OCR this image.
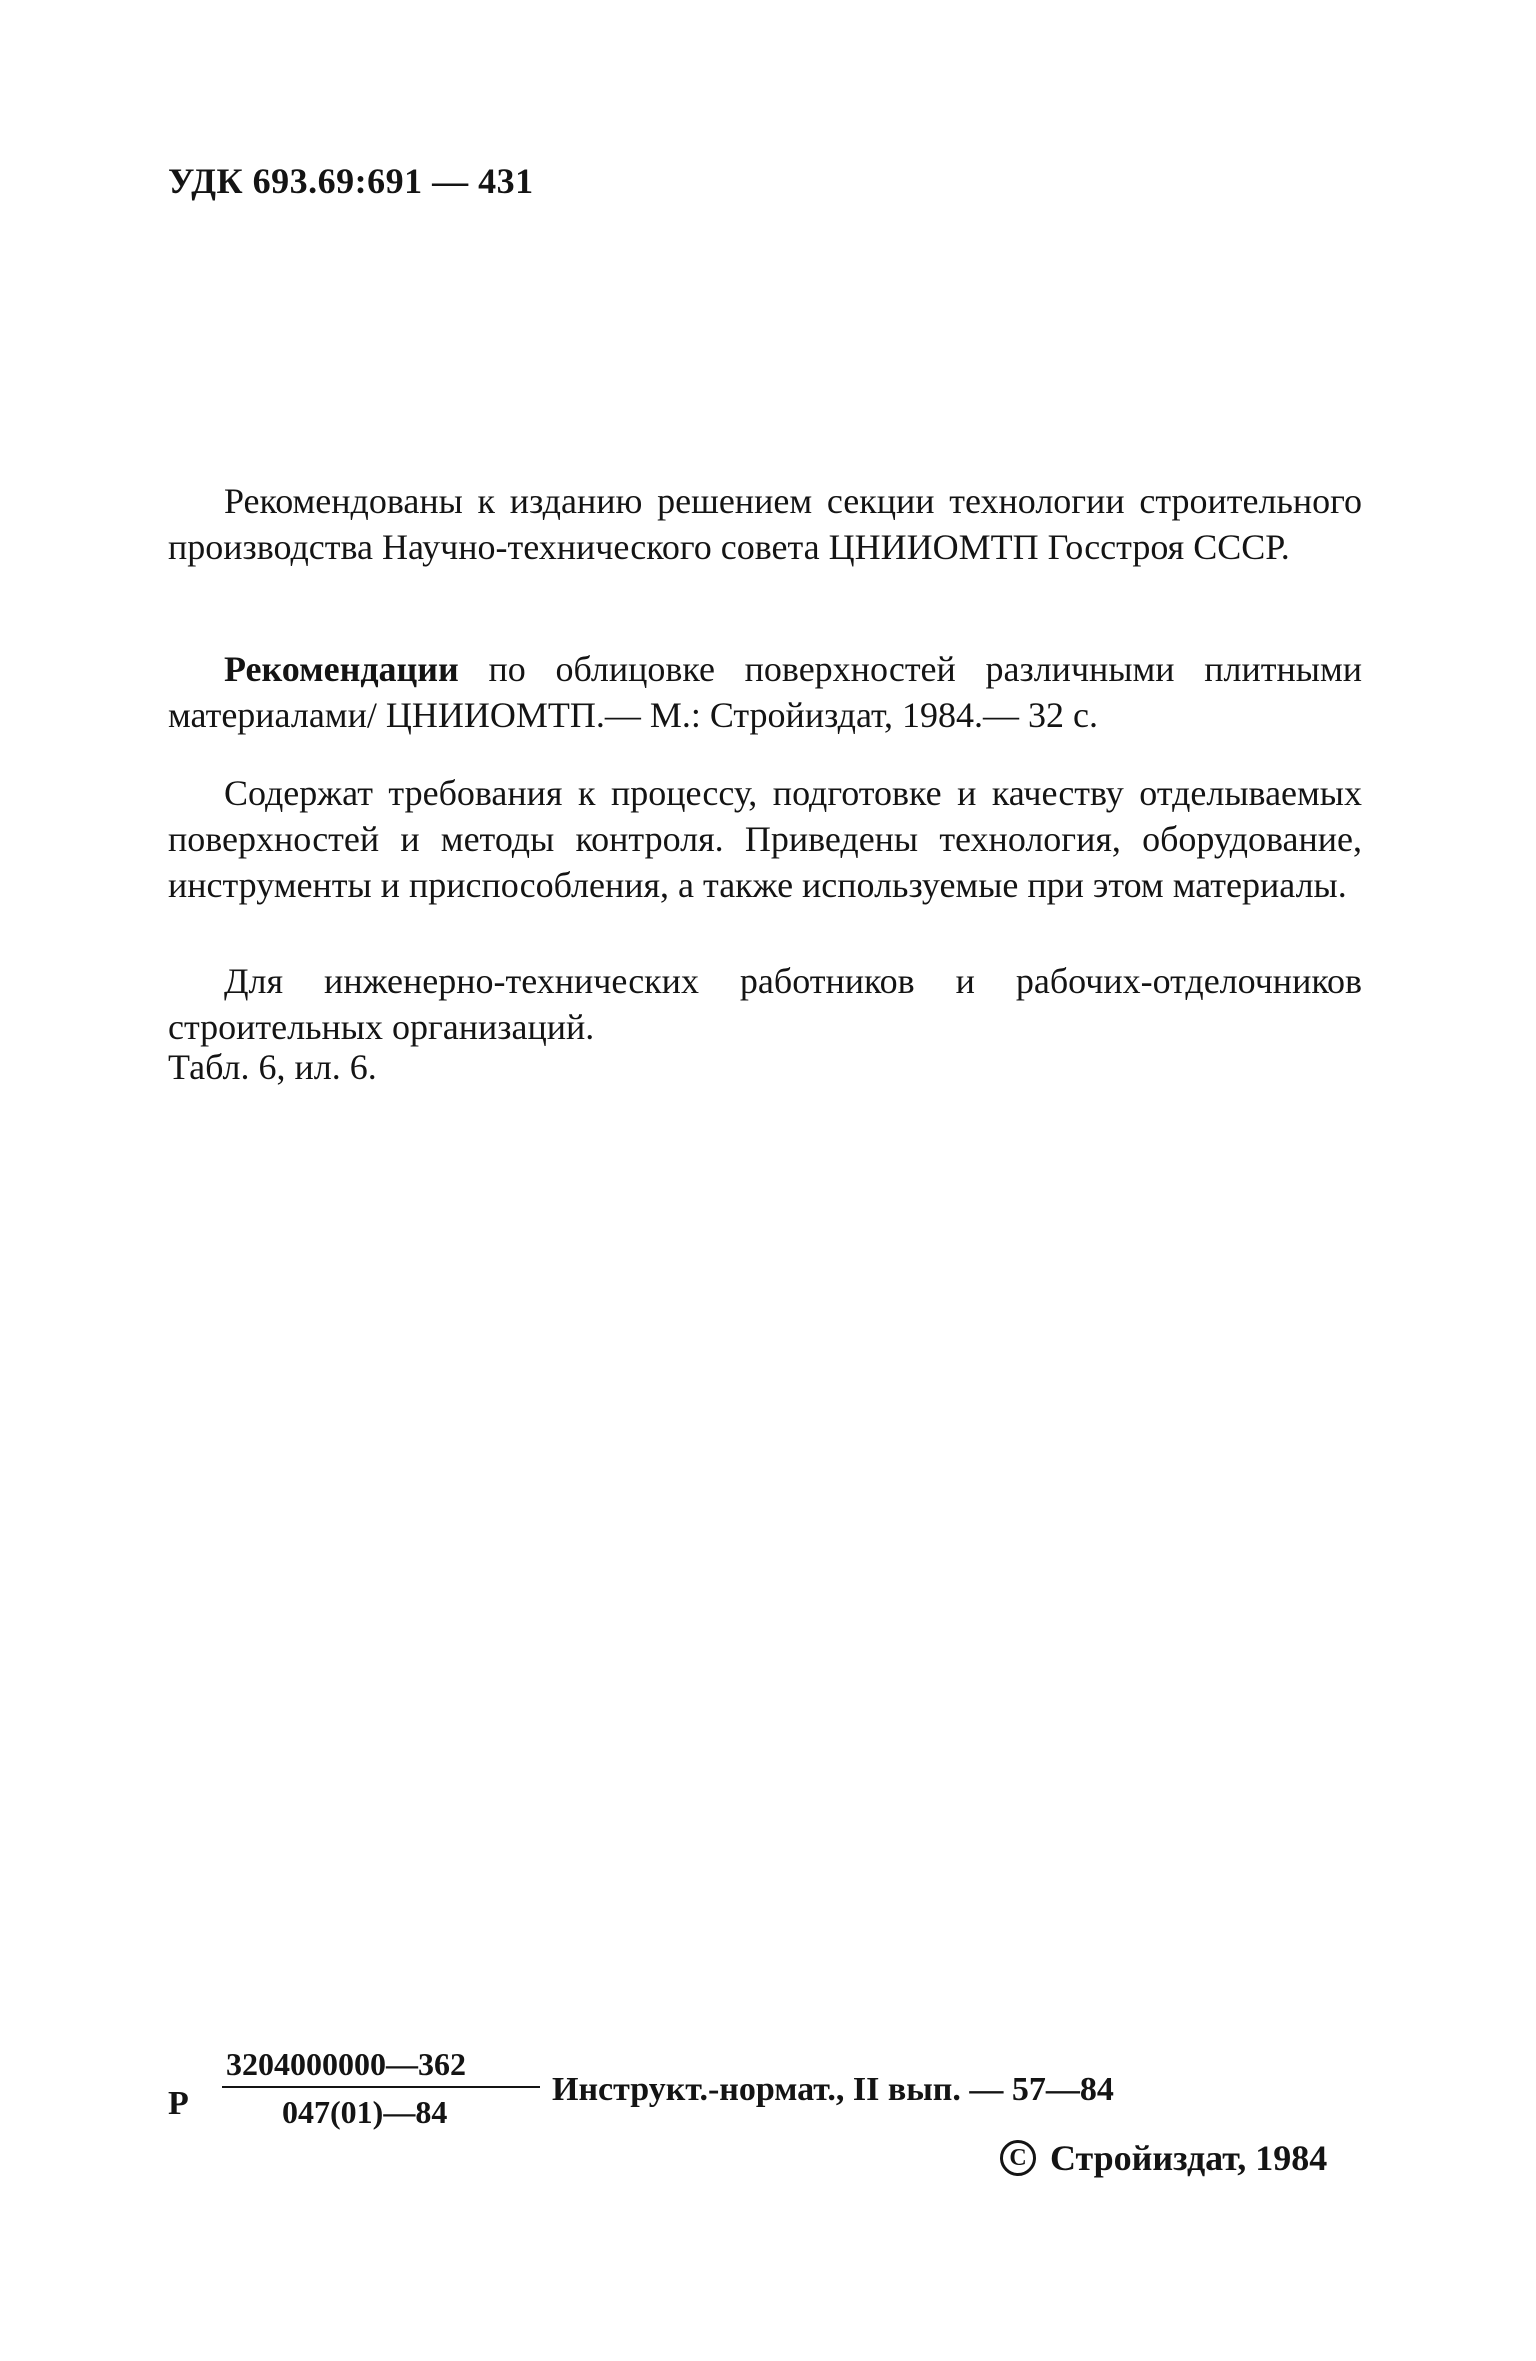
УДК 693.69:691 — 431

Рекомендованы к изданию решением секции технологии строительного производства Научно-технического совета ЦНИИОМТП Госстроя СССР.

Рекомендации по облицовке поверхностей различными плитными материалами/ ЦНИИОМТП.— М.: Стройиздат, 1984.— 32 с.

Содержат требования к процессу, подготовке и качеству отделываемых поверхностей и методы контроля. Приведены технология, оборудование, инструменты и приспособления, а также используемые при этом материалы.

Для инженерно-технических работников и рабочих-отделочников строительных организаций.

Табл. 6, ил. 6.

Р
3204000000—362
047(01)—84
Инструкт.-нормат., II вып. — 57—84
C Стройиздат, 1984
